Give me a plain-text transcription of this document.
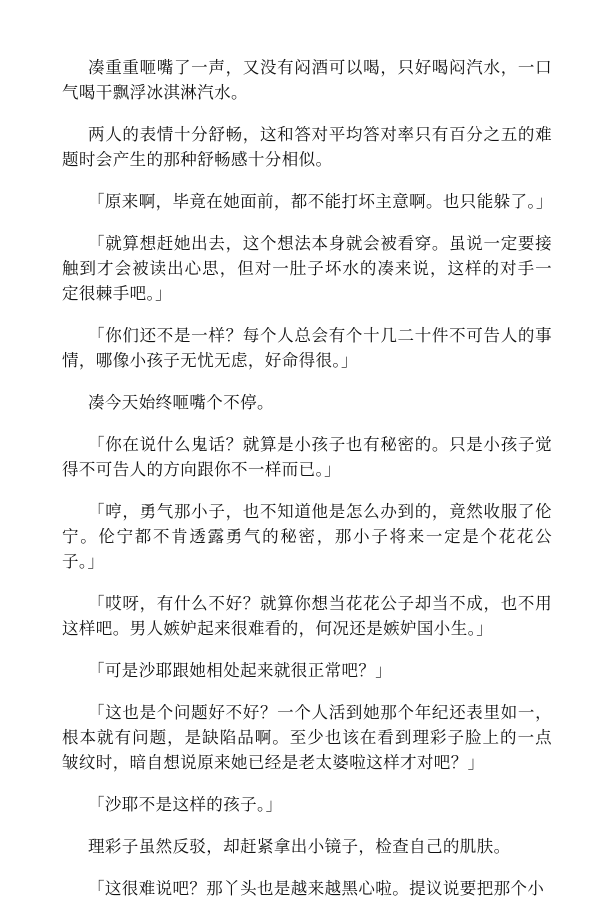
凑重重咂嘴了一声，又没有闷酒可以喝，只好喝闷汽水，一口气喝干飘浮冰淇淋汽水。

两人的表情十分舒畅，这和答对平均答对率只有百分之五的难题时会产生的那种舒畅感十分相似。

「原来啊，毕竟在她面前，都不能打坏主意啊。也只能躲了。」

「就算想赶她出去，这个想法本身就会被看穿。虽说一定要接触到才会被读出心思，但对一肚子坏水的凑来说，这样的对手一定很棘手吧。」

「你们还不是一样？每个人总会有个十几二十件不可告人的事情，哪像小孩子无忧无虑，好命得很。」

凑今天始终咂嘴个不停。

「你在说什么鬼话？就算是小孩子也有秘密的。只是小孩子觉得不可告人的方向跟你不一样而已。」

「哼，勇气那小子，也不知道他是怎么办到的，竟然收服了伦宁。伦宁都不肯透露勇气的秘密，那小子将来一定是个花花公子。」

「哎呀，有什么不好？就算你想当花花公子却当不成，也不用这样吧。男人嫉妒起来很难看的，何况还是嫉妒国小生。」

「可是沙耶跟她相处起来就很正常吧？」

「这也是个问题好不好？一个人活到她那个年纪还表里如一，根本就有问题，是缺陷品啊。至少也该在看到理彩子脸上的一点皱纹时，暗自想说原来她已经是老太婆啦这样才对吧？」

「沙耶不是这样的孩子。」

理彩子虽然反驳，却赶紧拿出小镜子，检查自己的肌肤。

「这很难说吧？那丫头也是越来越黑心啦。提议说要把那个小
